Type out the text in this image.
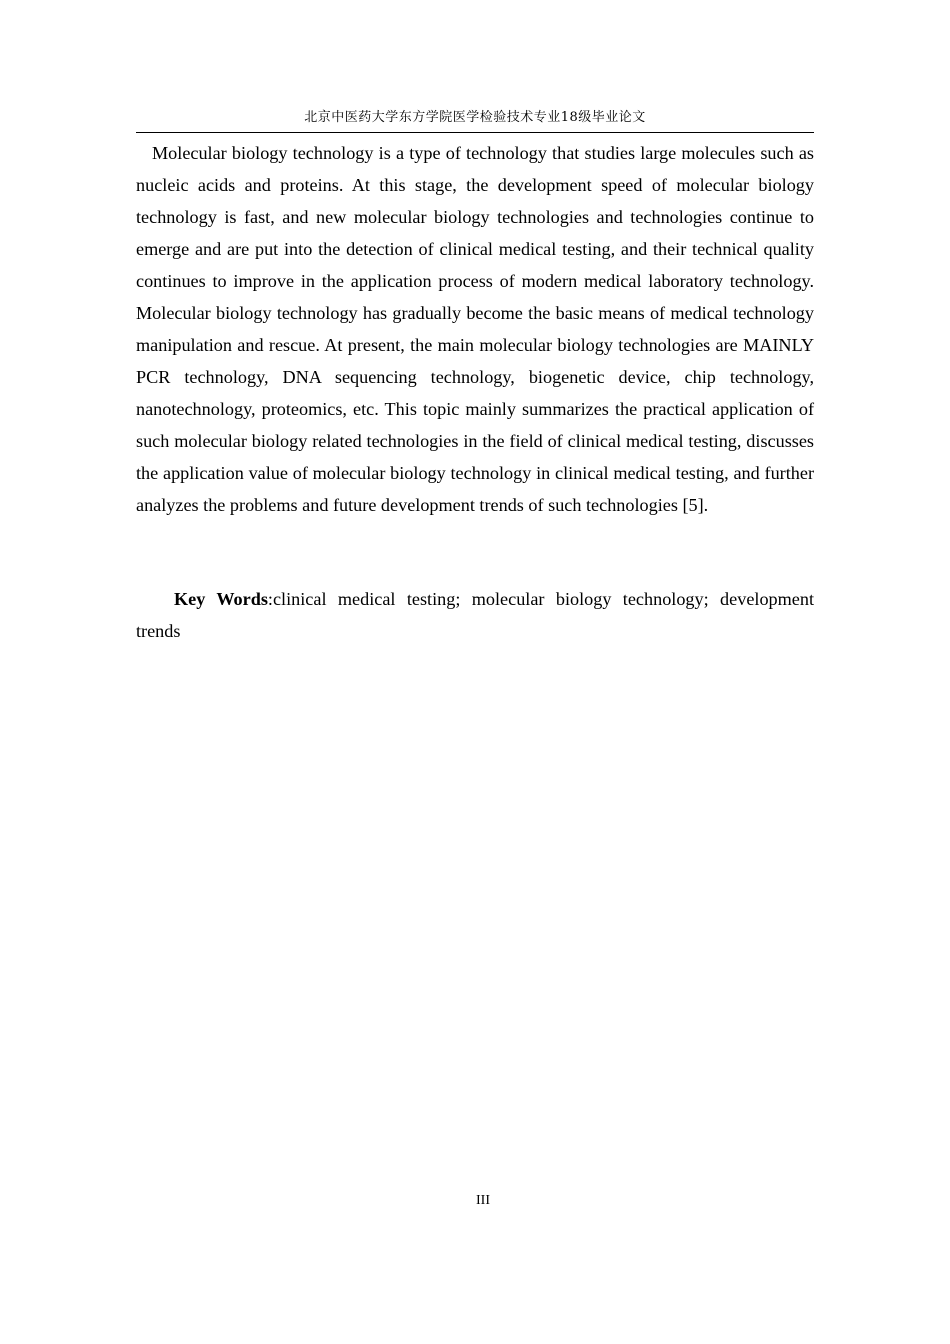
北京中医药大学东方学院医学检验技术专业18级毕业论文

Molecular biology technology is a type of technology that studies large molecules such as nucleic acids and proteins. At this stage, the development speed of molecular biology technology is fast, and new molecular biology technologies and technologies continue to emerge and are put into the detection of clinical medical testing, and their technical quality continues to improve in the application process of modern medical laboratory technology. Molecular biology technology has gradually become the basic means of medical technology manipulation and rescue. At present, the main molecular biology technologies are MAINLY PCR technology, DNA sequencing technology, biogenetic device, chip technology, nanotechnology, proteomics, etc. This topic mainly summarizes the practical application of such molecular biology related technologies in the field of clinical medical testing, discusses the application value of molecular biology technology in clinical medical testing, and further analyzes the problems and future development trends of such technologies [5].

Key Words:clinical medical testing; molecular biology technology; development trends

III
